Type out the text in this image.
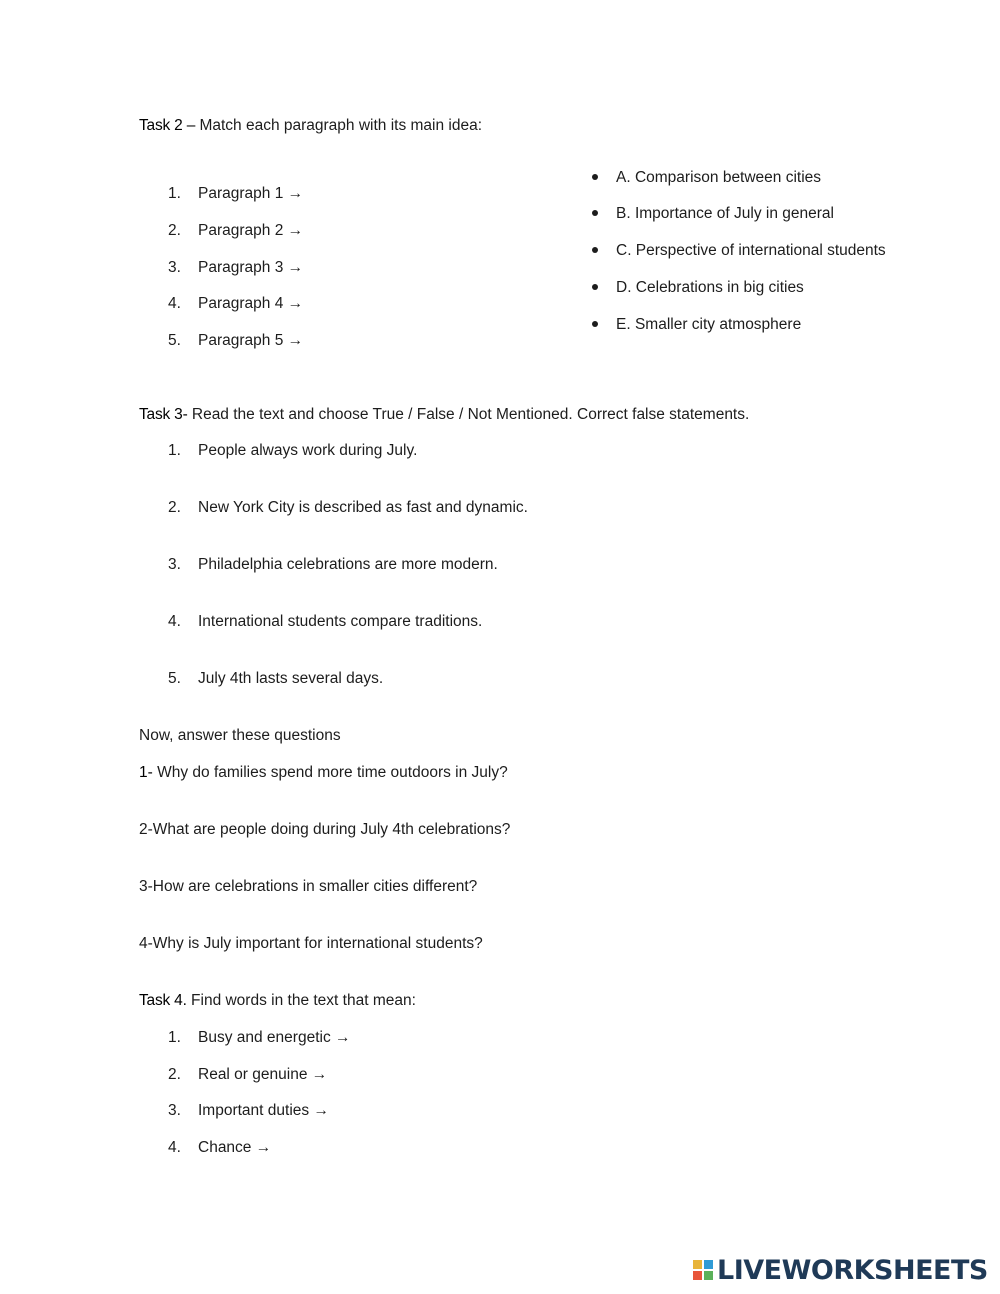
Task 2 – Match each paragraph with its main idea:
1. Paragraph 1 →
2. Paragraph 2 →
3. Paragraph 3 →
4. Paragraph 4 →
5. Paragraph 5 →
A. Comparison between cities
B. Importance of July in general
C. Perspective of international students
D. Celebrations in big cities
E. Smaller city atmosphere
Task 3- Read the text and choose True / False / Not Mentioned. Correct false statements.
1. People always work during July.
2. New York City is described as fast and dynamic.
3. Philadelphia celebrations are more modern.
4. International students compare traditions.
5. July 4th lasts several days.
Now, answer these questions
1- Why do families spend more time outdoors in July?
2-What are people doing during July 4th celebrations?
3-How are celebrations in smaller cities different?
4-Why is July important for international students?
Task 4. Find words in the text that mean:
1. Busy and energetic →
2. Real or genuine →
3. Important duties →
4. Chance →
LIVEWORKSHEETS
